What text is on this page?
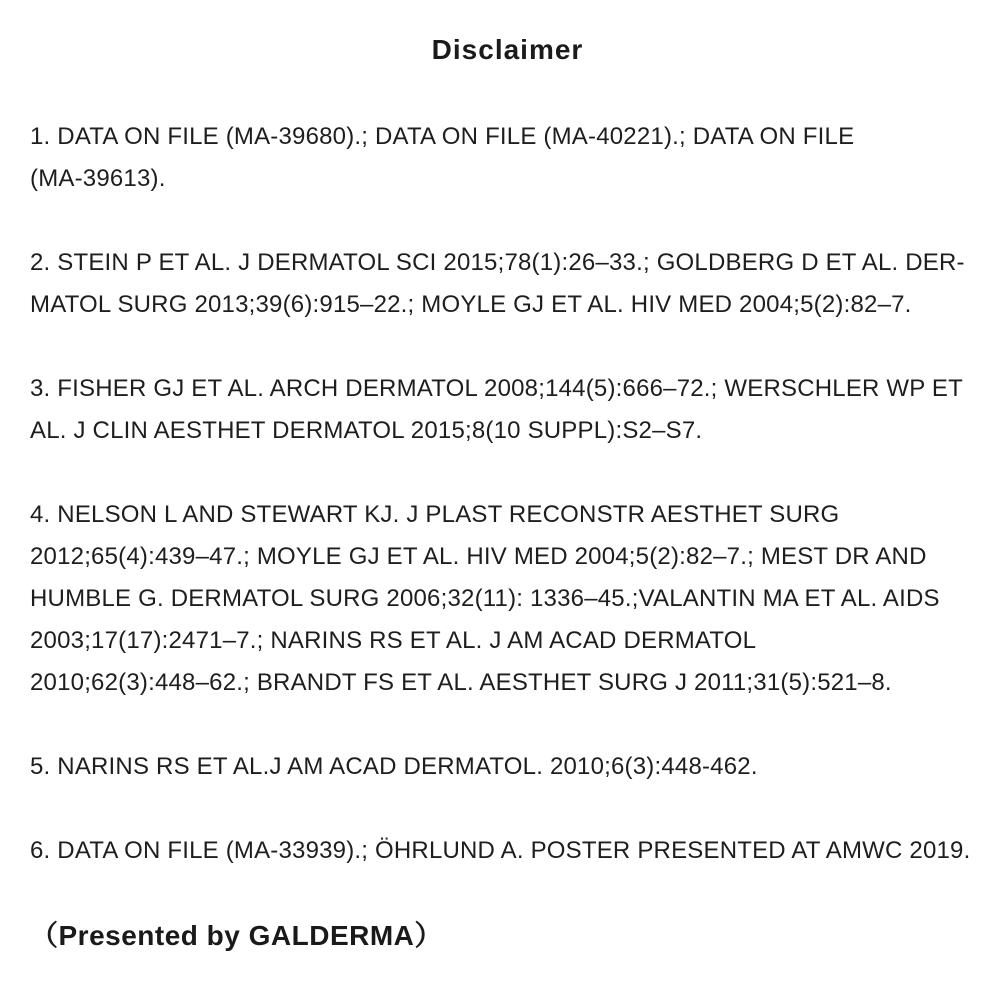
Disclaimer
1. DATA ON FILE (MA-39680).; DATA ON FILE (MA-40221).; DATA ON FILE
(MA-39613).
2. STEIN P ET AL. J DERMATOL SCI 2015;78(1):26–33.; GOLDBERG D ET AL. DER-
MATOL SURG 2013;39(6):915–22.; MOYLE GJ ET AL. HIV MED 2004;5(2):82–7.
3. FISHER GJ ET AL. ARCH DERMATOL 2008;144(5):666–72.; WERSCHLER WP ET
AL. J CLIN AESTHET DERMATOL 2015;8(10 SUPPL):S2–S7.
4. NELSON L AND STEWART KJ. J PLAST RECONSTR AESTHET SURG
2012;65(4):439–47.; MOYLE GJ ET AL. HIV MED 2004;5(2):82–7.; MEST DR AND
HUMBLE G. DERMATOL SURG 2006;32(11): 1336–45.;VALANTIN MA ET AL. AIDS
2003;17(17):2471–7.; NARINS RS ET AL. J AM ACAD DERMATOL
2010;62(3):448–62.; BRANDT FS ET AL. AESTHET SURG J 2011;31(5):521–8.
5. NARINS RS ET AL.J AM ACAD DERMATOL. 2010;6(3):448-462.
6. DATA ON FILE (MA-33939).; ÖHRLUND A. POSTER PRESENTED AT AMWC 2019.

（Presented by GALDERMA）
